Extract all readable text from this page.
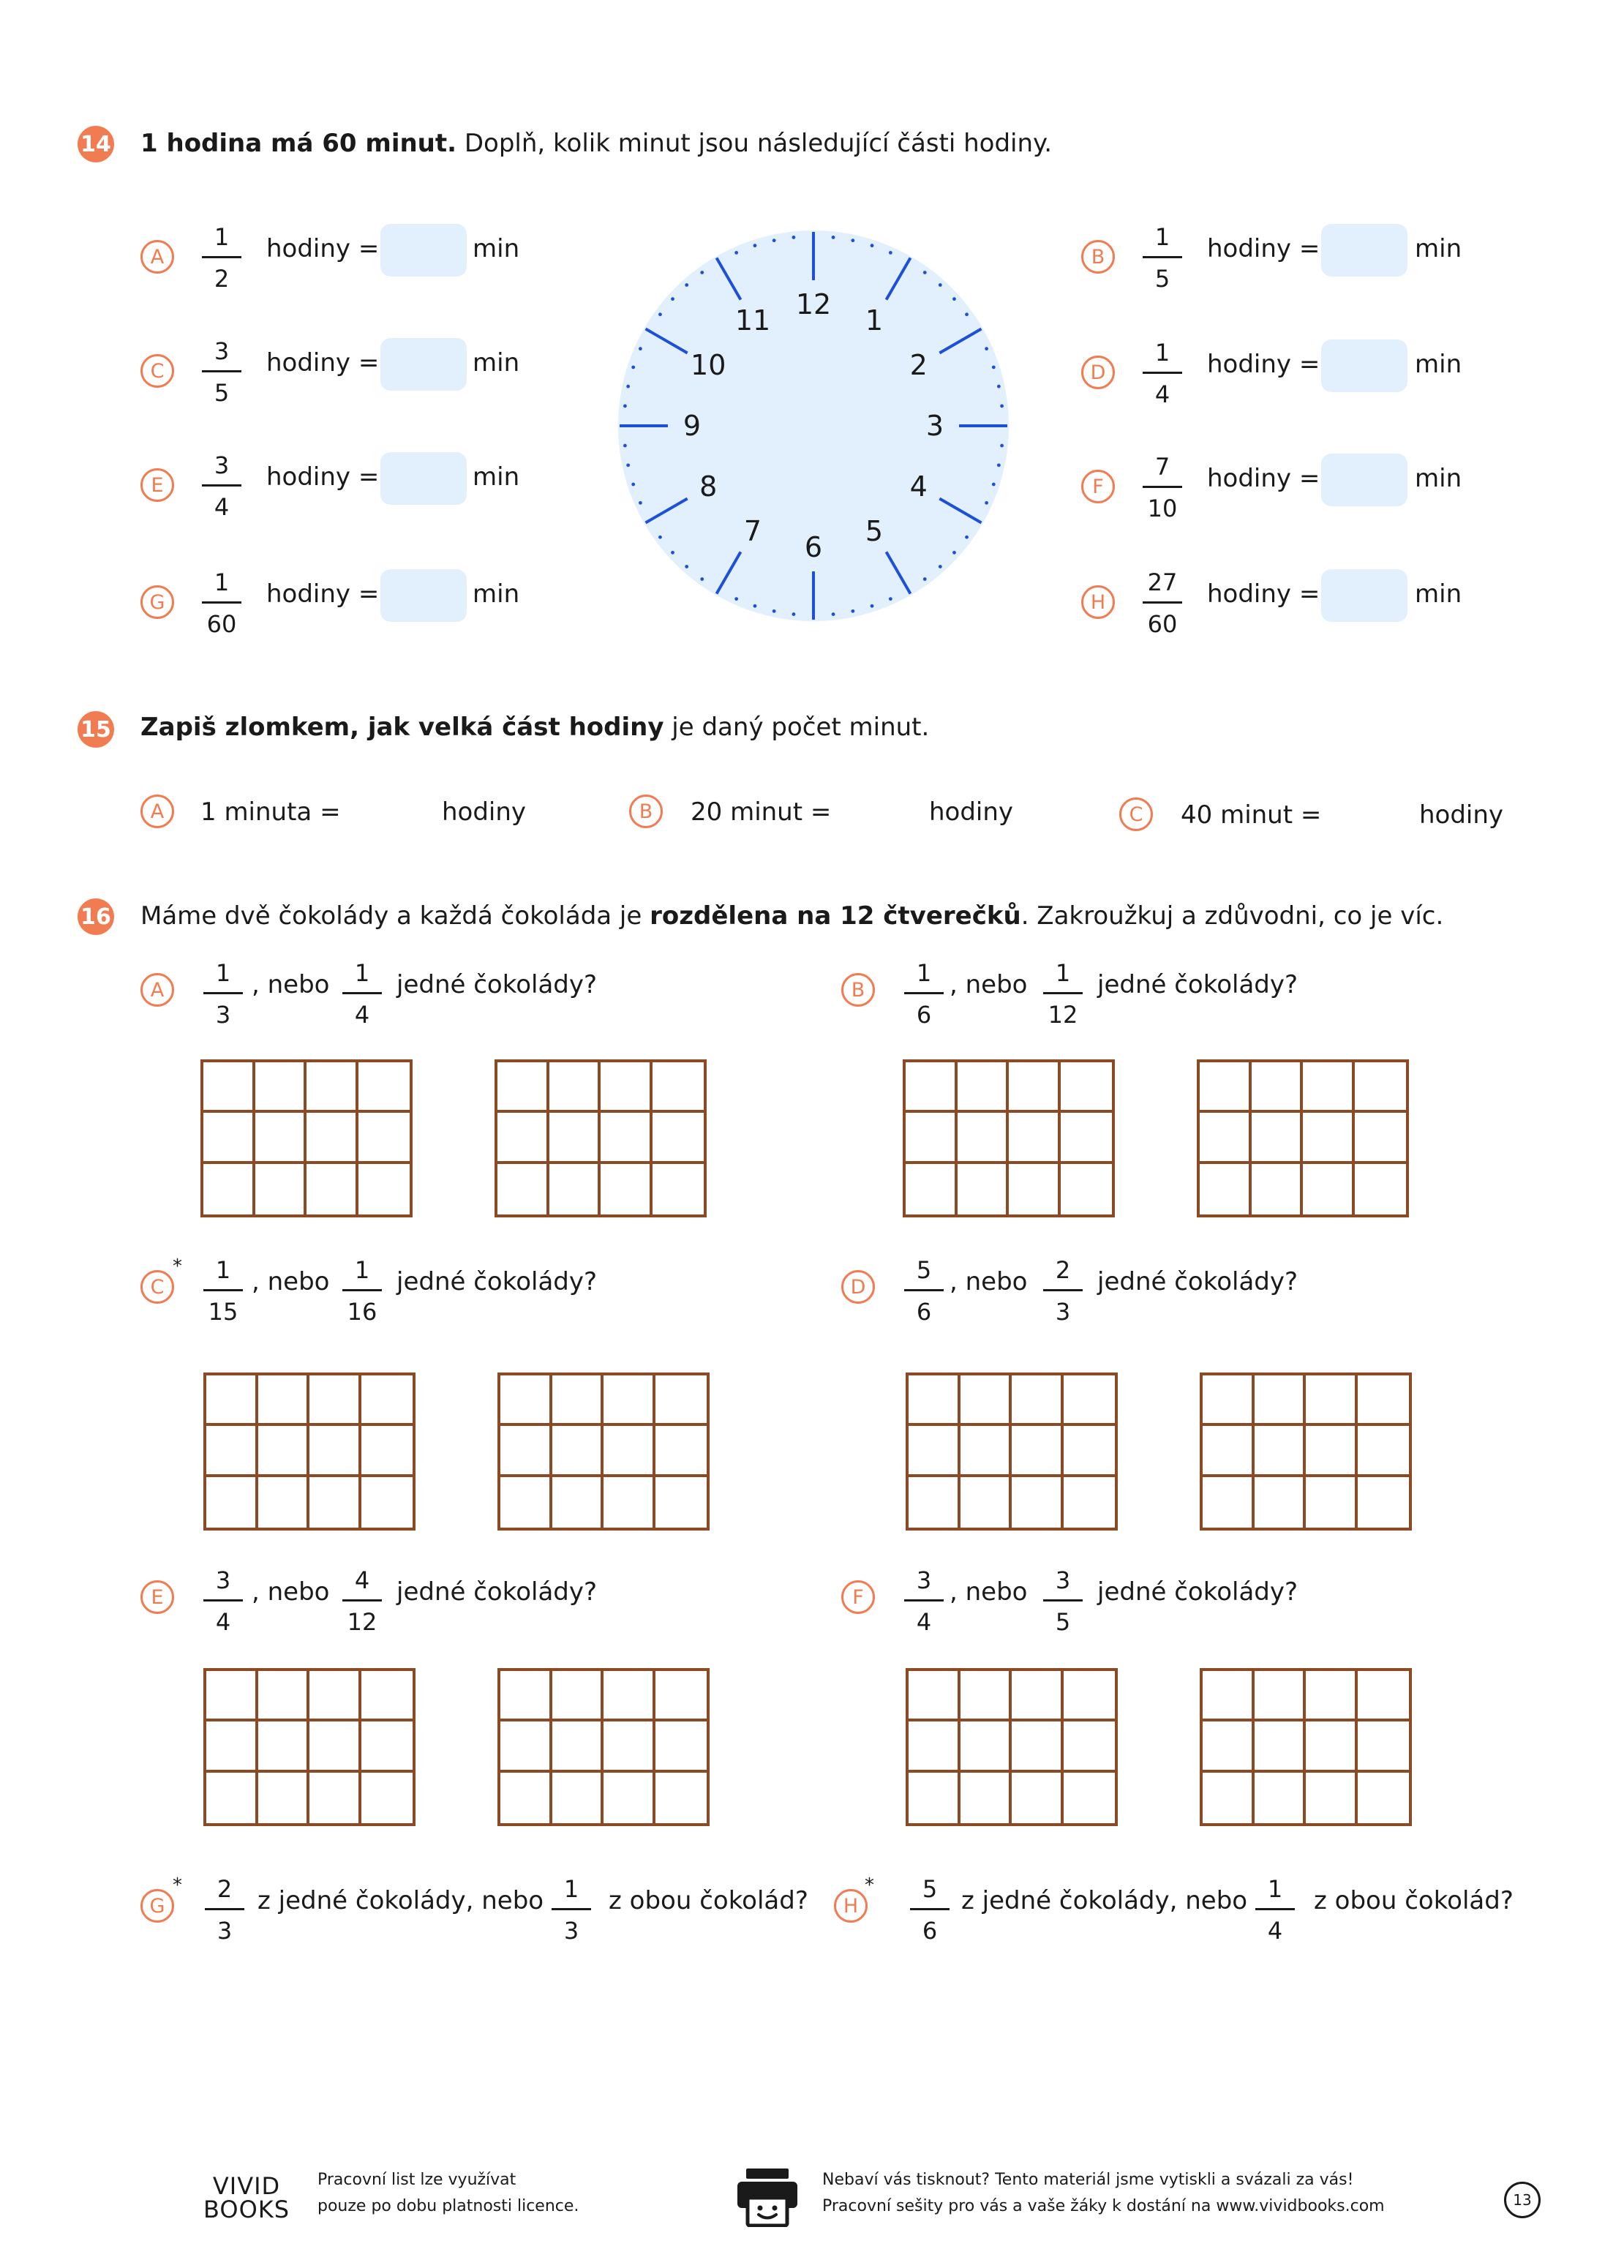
14 1 hodina má 60 minut. Doplň, kolik minut jsou následující části hodiny.
A
1
2
hodiny =	min
C
3
5
hodiny =	min
E
3
4
hodiny =	min
G
1
60
hodiny =	min
B
1
5
hodiny =	min
D
1
4
hodiny =	min
F
7
10
hodiny =	min
H
27
60
hodiny =	min
12
1
2
3
4
5
6
7
8
9
10
11
15 Zapiš zlomkem, jak velká část hodiny je daný počet minut.
A	1 minuta =	hodiny	B	20 minut =	hodiny	C	40 minut =	hodiny
16 Máme dvě čokolády a každá čokoláda je rozdělena na 12 čtverečků. Zakroužkuj a zdůvodni, co je víc.
A
1
3
, nebo 1
4
jedné čokolády?	B
1
6
, nebo 1
12
jedné čokolády?
C
* 1
15
, nebo 1
16
jedné čokolády?	D
5
6
, nebo 2
3
jedné čokolády?
E
3
4
, nebo 4
12
jedné čokolády?	F
3
4
, nebo 3
5
jedné čokolády?
G
* 2
3
z jedné čokolády, nebo 1
3
z obou čokolád?	H
* 5
6
z jedné čokolády, nebo 1
4
z obou čokolád?
VIVID
BOOKS
Pracovní list lze využívat
pouze po dobu platnosti licence.
Nebaví vás tisknout? Tento materiál jsme vytiskli a svázali za vás!
Pracovní sešity pro vás a vaše žáky k dostání na www.vividbooks.com	13
